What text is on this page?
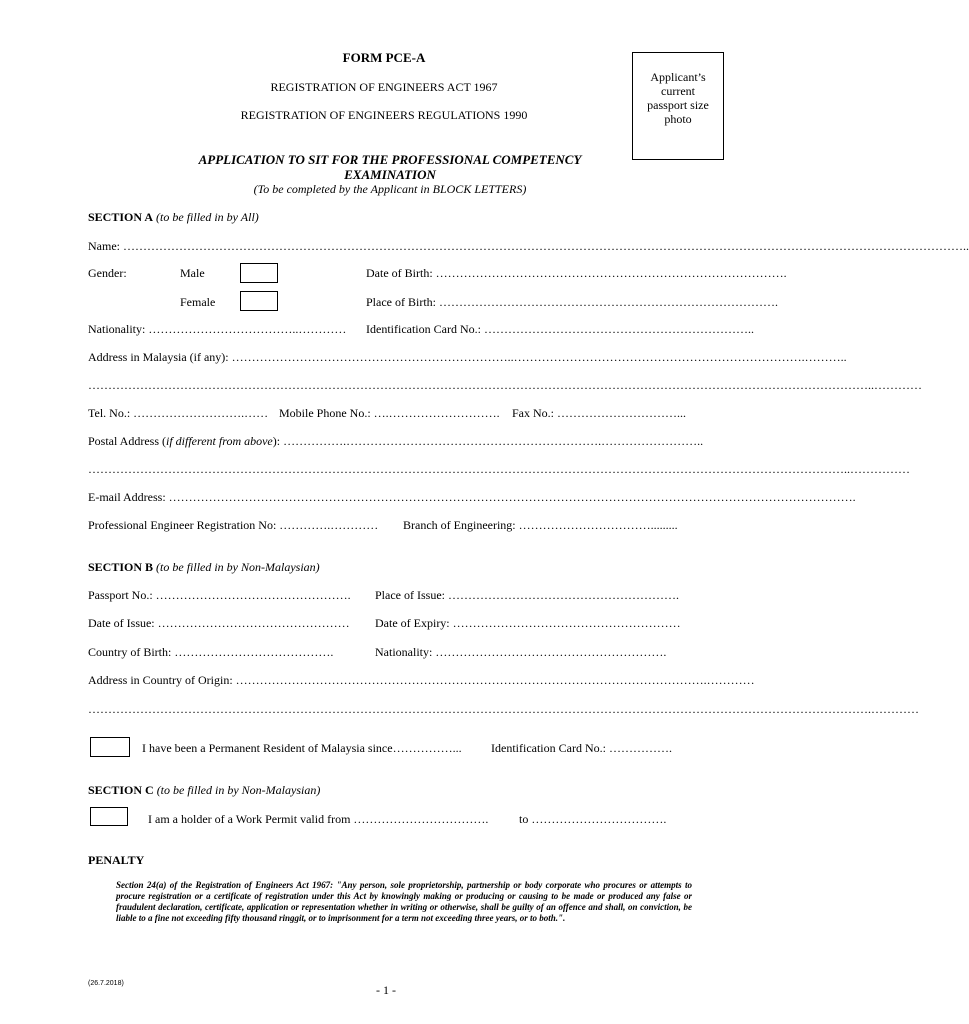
FORM PCE-A
REGISTRATION OF ENGINEERS ACT 1967
REGISTRATION OF ENGINEERS REGULATIONS 1990
Applicant’s
current
passport size
photo
APPLICATION TO SIT FOR THE PROFESSIONAL COMPETENCY EXAMINATION
(To be completed by the Applicant in BLOCK LETTERS)
SECTION A (to be filled in by All)
Name: …………………………………………………………………………………………………………………………………………………………………………………………..
Gender:	Male	Date of Birth: …………………………………………………………………………….
Female	Place of Birth: ………………………………………………………………………….
Nationality: ………………………………..………… Identification Card No.: …………………………………………………………..
Address in Malaysia (if any): ……………………………………………………………..……………………………………………………………….………..
……………………………………………………………………………………………………………………………………………………………………………..…………
Tel. No.: ……………………….…… Mobile Phone No.: ….………………………. Fax No.: …………………………...
Postal Address (if different from above): …………….……………………………………………………….……………………..
………………………………………………………………………………………………………………………………………………………………………..……………
E-mail Address: ……………………………………………………………………………………………………………………………………………………….
Professional Engineer Registration No: ………….………… Branch of Engineering: …………………………….........
SECTION B (to be filled in by Non-Malaysian)
Passport No.: …………………………………………. Place of Issue: ………………………………………………….
Date of Issue: ………………………………………… Date of Expiry: …………………………………………………
Country of Birth: ………………………………….	Nationality: ………………………………………………….
Address in Country of Origin: ……………………………………………………………………………………………………….…………
…………………………………………………………………………………………………………………………………………………………………………….…………
I have been a Permanent Resident of Malaysia since……………... Identification Card No.: …………….
SECTION C (to be filled in by Non-Malaysian)
I am a holder of a Work Permit valid from …………………………….	to …………………………….
PENALTY
Section 24(a) of the Registration of Engineers Act 1967: "Any person, sole proprietorship, partnership or body corporate who procures or attempts to procure registration or a certificate of registration under this Act by knowingly making or producing or causing to be made or produced any false or fraudulent declaration, certificate, application or representation whether in writing or otherwise, shall be guilty of an offence and shall, on conviction, be liable to a fine not exceeding fifty thousand ringgit, or to imprisonment for a term not exceeding three years, or to both.".
(26.7.2018)	- 1 -
